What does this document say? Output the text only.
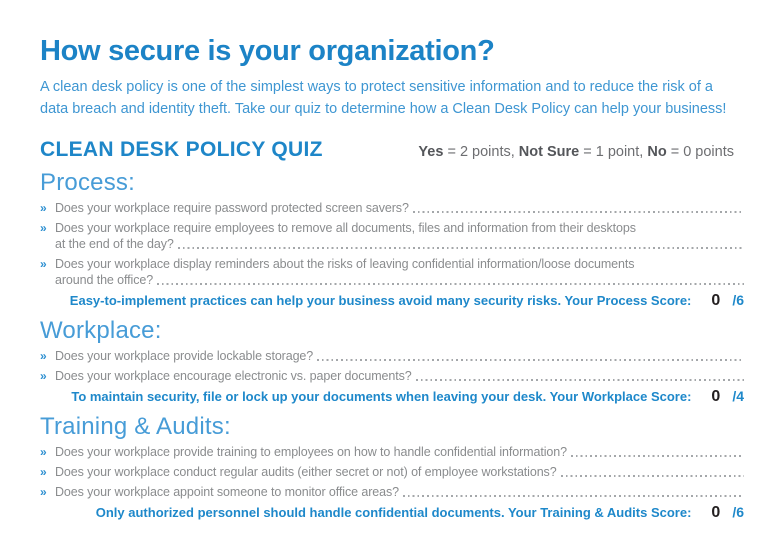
How secure is your organization?

A clean desk policy is one of the simplest ways to protect sensitive information and to reduce the risk of a data breach and identity theft. Take our quiz to determine how a Clean Desk Policy can help your business!

CLEAN DESK POLICY QUIZ	Yes = 2 points, Not Sure = 1 point, No = 0 points
Process:
» Does your workplace require password protected screen savers?
» Does your workplace require employees to remove all documents, files and information from their desktops
at the end of the day?
» Does your workplace display reminders about the risks of leaving confidential information/loose documents
around the office?
Easy-to-implement practices can help your business avoid many security risks. Your Process Score: 0 /6
Workplace:
» Does your workplace provide lockable storage?
» Does your workplace encourage electronic vs. paper documents?
To maintain security, file or lock up your documents when leaving your desk. Your Workplace Score: 0 /4
Training & Audits:
» Does your workplace provide training to employees on how to handle confidential information?
» Does your workplace conduct regular audits (either secret or not) of employee workstations?
» Does your workplace appoint someone to monitor office areas?
Only authorized personnel should handle confidential documents. Your Training & Audits Score: 0 /6
